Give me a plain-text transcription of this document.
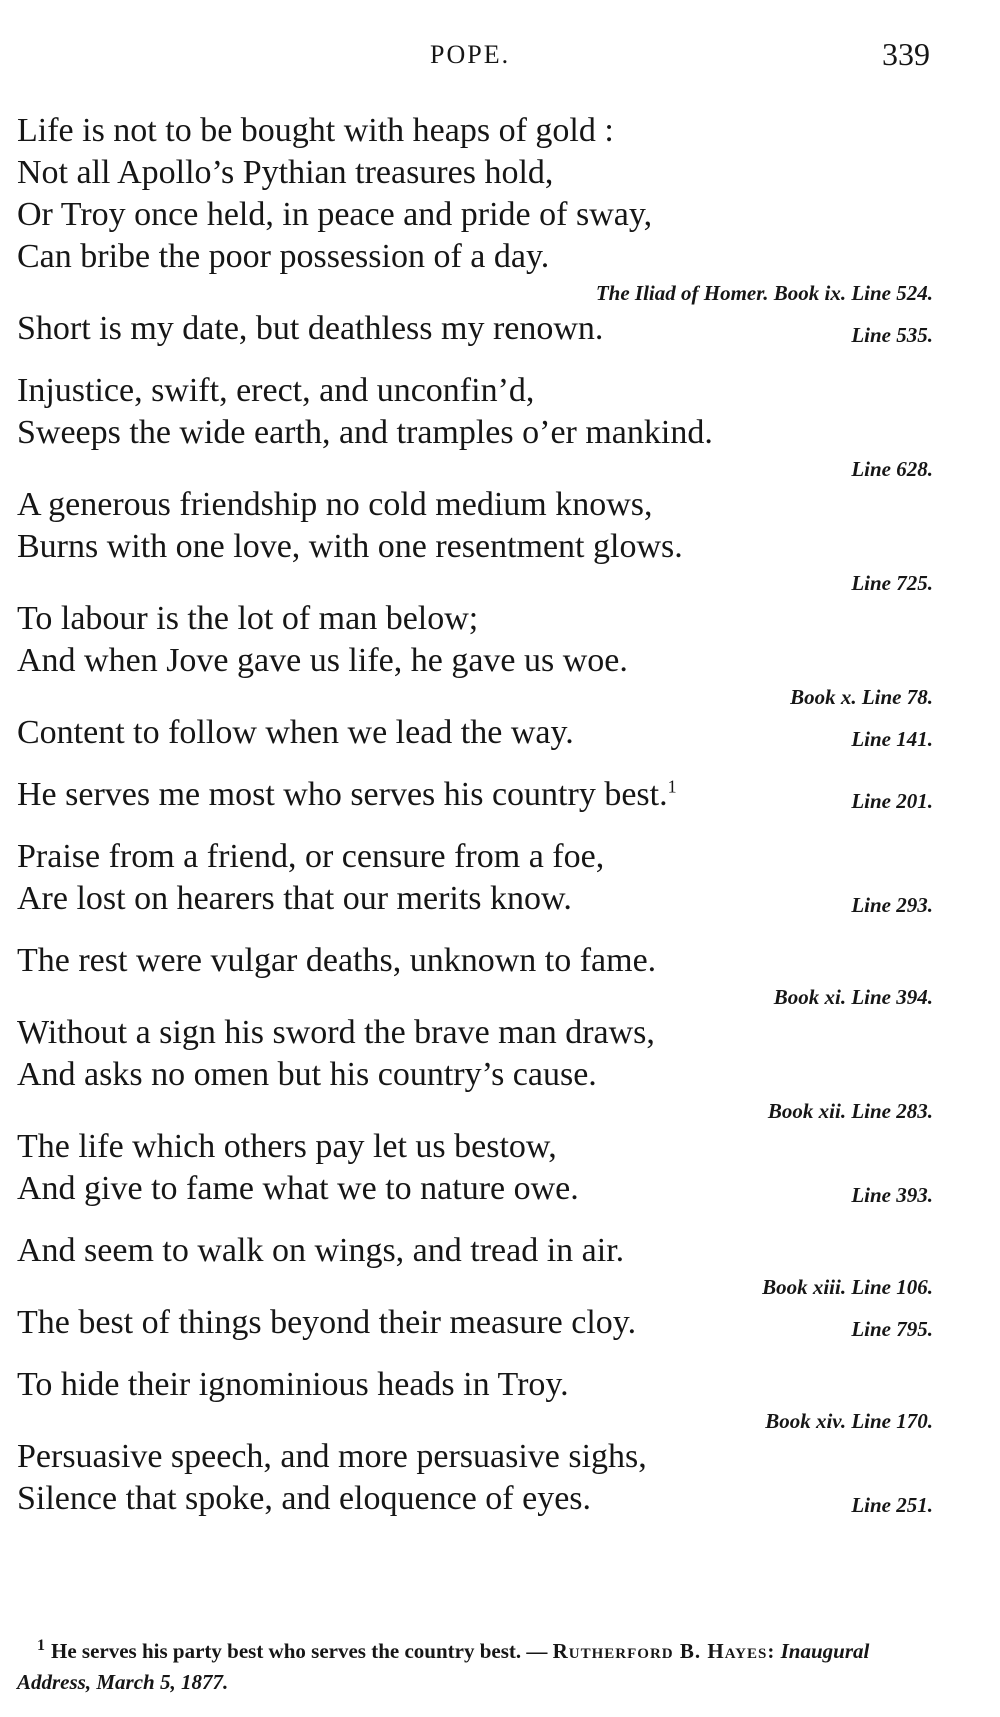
POPE.	339
Life is not to be bought with heaps of gold :
Not all Apollo’s Pythian treasures hold,
Or Troy once held, in peace and pride of sway,
Can bribe the poor possession of a day.
The Iliad of Homer. Book ix. Line 524.
Short is my date, but deathless my renown.	Line 535.
Injustice, swift, erect, and unconfin’d,
Sweeps the wide earth, and tramples o’er mankind.
Line 628.
A generous friendship no cold medium knows,
Burns with one love, with one resentment glows.
Line 725.
To labour is the lot of man below;
And when Jove gave us life, he gave us woe.
Book x. Line 78.
Content to follow when we lead the way.	Line 141.
He serves me most who serves his country best.$^1$
Line 201.
Praise from a friend, or censure from a foe,
Are lost on hearers that our merits know.	Line 293.
The rest were vulgar deaths, unknown to fame.
Book xi. Line 394.
Without a sign his sword the brave man draws,
And asks no omen but his country’s cause.
Book xii. Line 283.
The life which others pay let us bestow,
And give to fame what we to nature owe.	Line 393.
And seem to walk on wings, and tread in air.
Book xiii. Line 106.
The best of things beyond their measure cloy.	Line 795.
To hide their ignominious heads in Troy.
Book xiv. Line 170.
Persuasive speech, and more persuasive sighs,
Silence that spoke, and eloquence of eyes.	Line 251.
$^1$ He serves his party best who serves the country best. — Rutherford B. Hayes: Inaugural Address, March 5, 1877.
